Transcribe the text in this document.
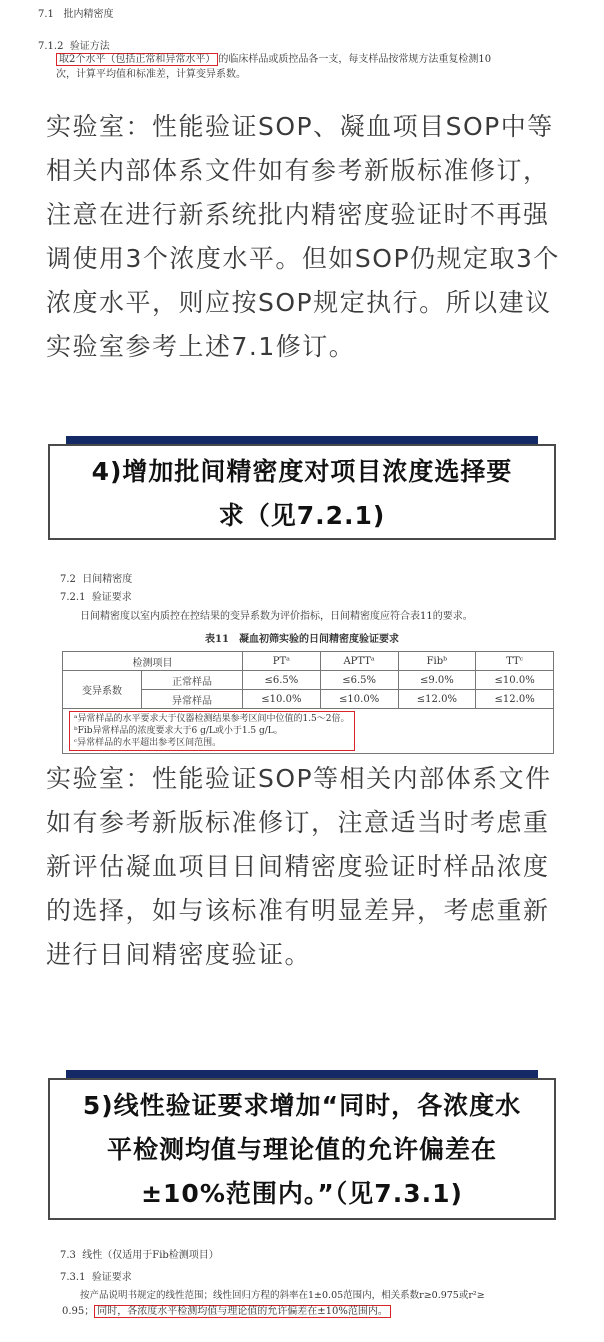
7.1 批内精密度
7.1.2 验证方法
取2个水平（包括正常和异常水平） 的临床样品或质控品各一支，每支样品按常规方法重复检测10
次，计算平均值和标准差，计算变异系数。
实验室：性能验证SOP、凝血项目SOP中等相关内部体系文件如有参考新版标准修订，注意在进行新系统批内精密度验证时不再强调使用3个浓度水平。但如SOP仍规定取3个浓度水平，则应按SOP规定执行。所以建议实验室参考上述7.1修订。
4)增加批间精密度对项目浓度选择要
求（见7.2.1)
7.2 日间精密度
7.2.1 验证要求
日间精密度以室内质控在控结果的变异系数为评价指标，日间精密度应符合表11的要求。
表11　凝血初筛实验的日间精密度验证要求
检测项目		PTᵃ	APTTᵃ	Fibᵇ	TTᶜ
变异系数	正常样品	≤6.5%	≤6.5%	≤9.0%	≤10.0%
	异常样品	≤10.0%	≤10.0%	≤12.0%	≤12.0%

ᵃ异常样品的水平要求大于仪器检测结果参考区间中位值的1.5～2倍。
ᵇFib异常样品的浓度要求大于6 g/L或小于1.5 g/L。
ᶜ异常样品的水平超出参考区间范围。					
实验室：性能验证SOP等相关内部体系文件如有参考新版标准修订，注意适当时考虑重新评估凝血项目日间精密度验证时样品浓度的选择，如与该标准有明显差异，考虑重新进行日间精密度验证。
5)线性验证要求增加“同时，各浓度水
平检测均值与理论值的允许偏差在
±10%范围内。”（见7.3.1)
7.3 线性（仅适用于Fib检测项目）
7.3.1 验证要求
按产品说明书规定的线性范围；线性回归方程的斜率在1±0.05范围内，相关系数r≥0.975或r²≥
0.95； 同时，各浓度水平检测均值与理论值的允许偏差在±10%范围内。
